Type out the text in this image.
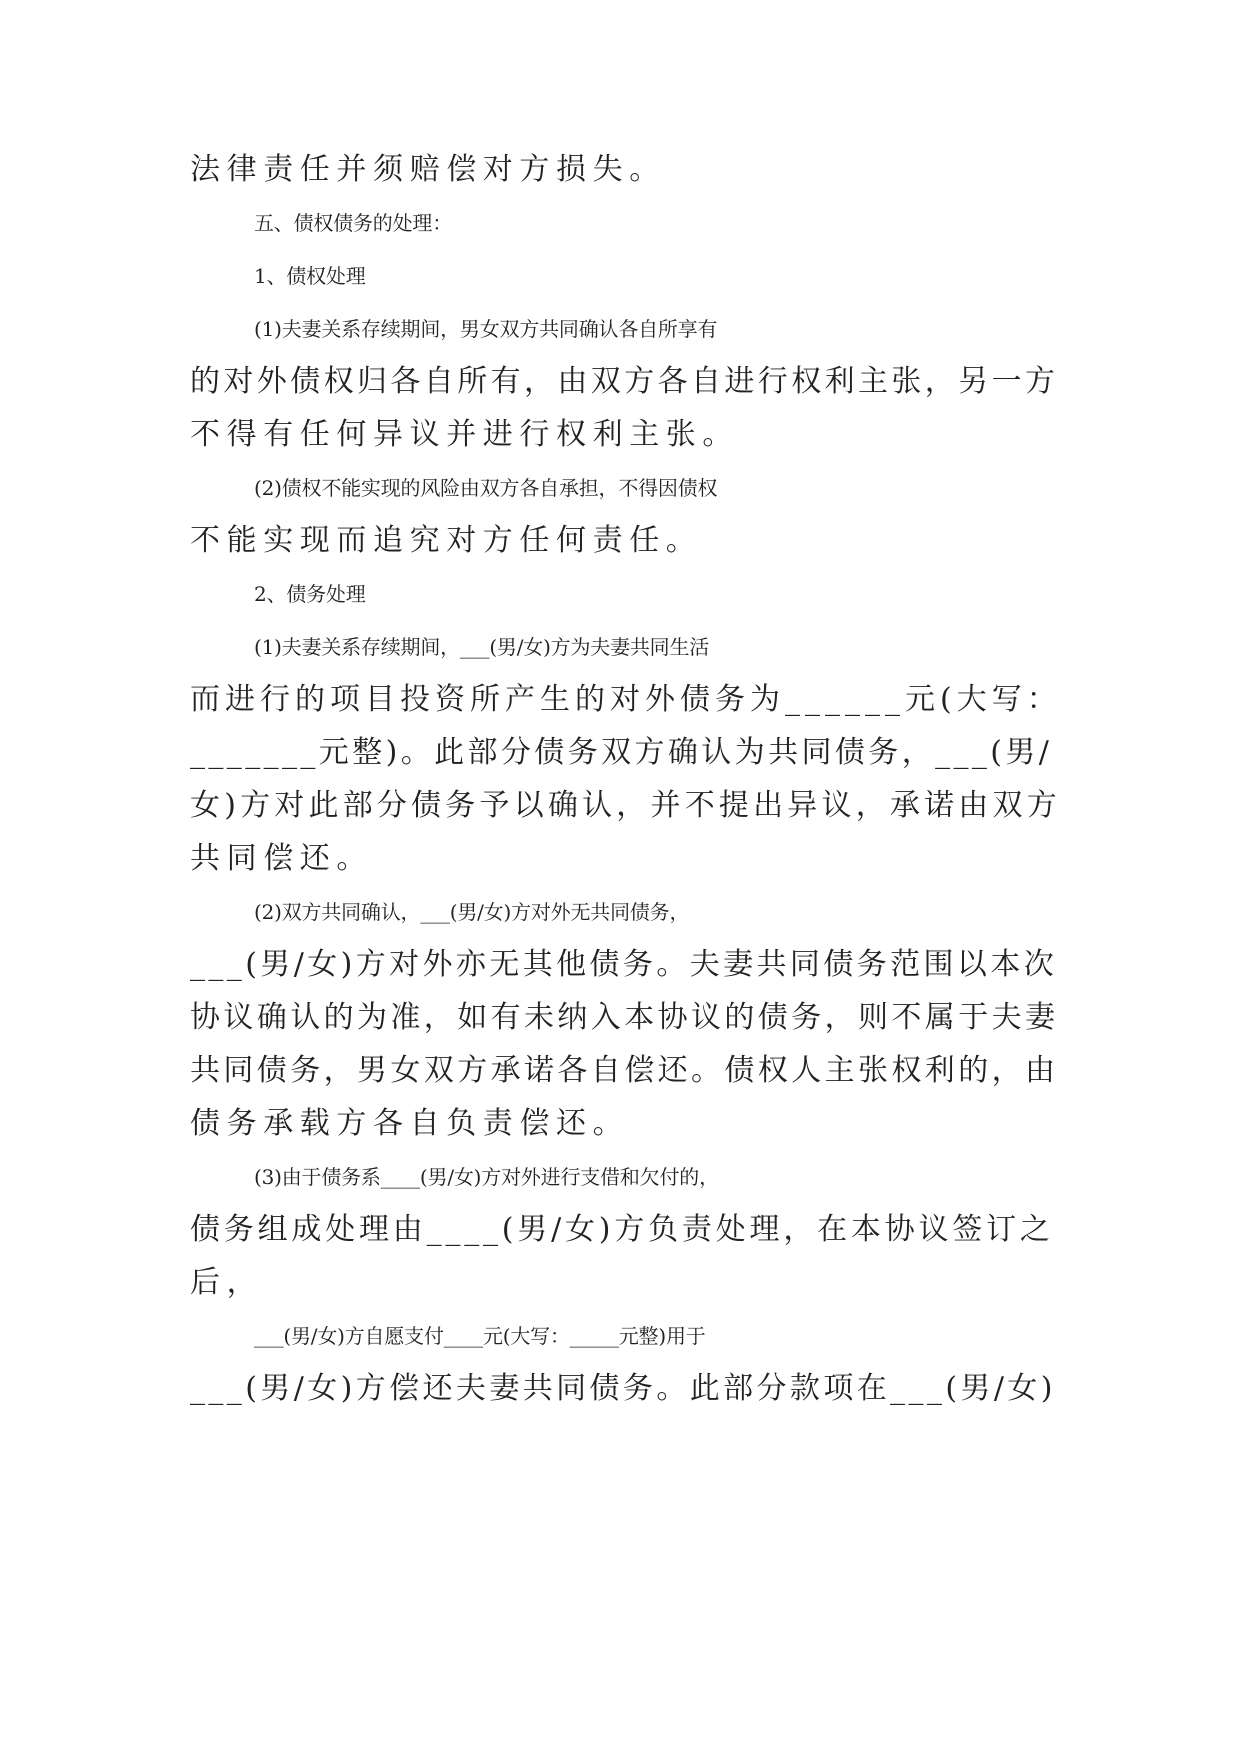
法律责任并须赔偿对方损失。
五、债权债务的处理：
1、债权处理
(1)夫妻关系存续期间，男女双方共同确认各自所享有
的对外债权归各自所有，由双方各自进行权利主张，另一方
不得有任何异议并进行权利主张。
(2)债权不能实现的风险由双方各自承担，不得因债权
不能实现而追究对方任何责任。
2、债务处理
(1)夫妻关系存续期间，___(男/女)方为夫妻共同生活
而进行的项目投资所产生的对外债务为______元(大写：
_______元整)。此部分债务双方确认为共同债务，___(男/
女)方对此部分债务予以确认，并不提出异议，承诺由双方
共同偿还。
(2)双方共同确认，___(男/女)方对外无共同债务，
___(男/女)方对外亦无其他债务。夫妻共同债务范围以本次
协议确认的为准，如有未纳入本协议的债务，则不属于夫妻
共同债务，男女双方承诺各自偿还。债权人主张权利的，由
债务承载方各自负责偿还。
(3)由于债务系____(男/女)方对外进行支借和欠付的，
债务组成处理由____(男/女)方负责处理，在本协议签订之
后，
___(男/女)方自愿支付____元(大写：_____元整)用于
___(男/女)方偿还夫妻共同债务。此部分款项在___(男/女)
